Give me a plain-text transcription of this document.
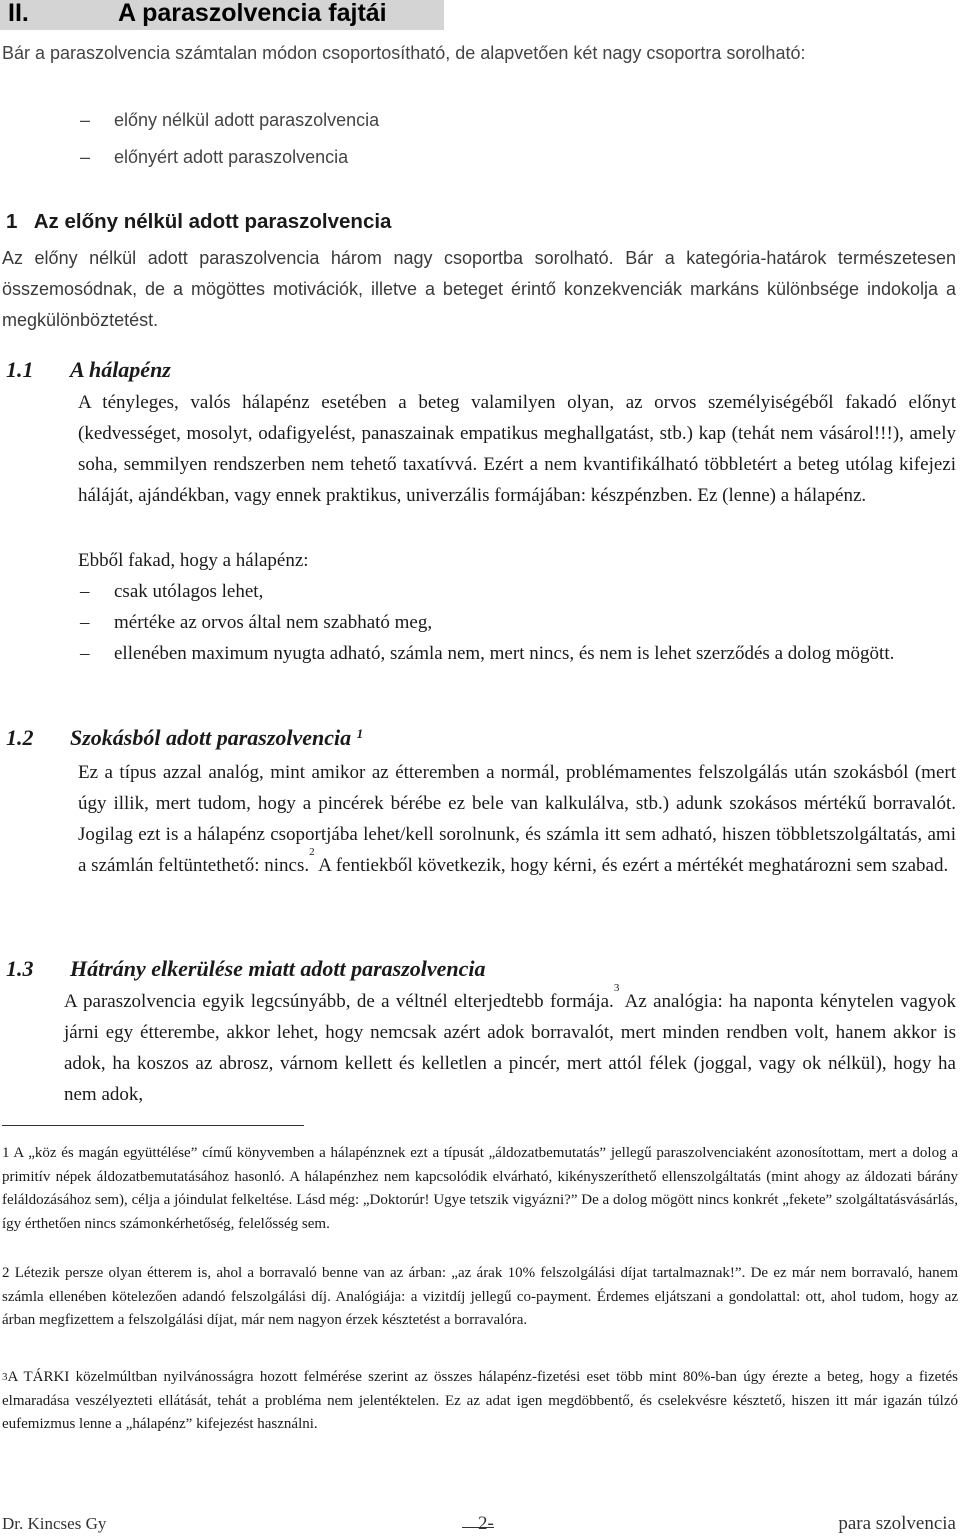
II.	A paraszolvencia fajtái
Bár a paraszolvencia számtalan módon csoportosítható, de alapvetően két nagy csoportra sorolható:
–	előny nélkül adott paraszolvencia
–	előnyért adott paraszolvencia
1   Az előny nélkül adott paraszolvencia
Az előny nélkül adott paraszolvencia három nagy csoportba sorolható. Bár a kategória-határok természetesen összemosódnak, de a mögöttes motivációk, illetve a beteget érintő konzekvenciák markáns különbsége indokolja a megkülönböztetést.
1.1 A hálapénz
A tényleges, valós hálapénz esetében a beteg valamilyen olyan, az orvos személyiségéből fakadó előnyt (kedvességet, mosolyt, odafigyelést, panaszainak empatikus meghallgatást, stb.) kap (tehát nem vásárol!!!), amely soha, semmilyen rendszerben nem tehető taxatívvá. Ezért a nem kvantifikálható többletért a beteg utólag kifejezi háláját, ajándékban, vagy ennek praktikus, univerzális formájában: készpénzben. Ez (lenne) a hálapénz.
Ebből fakad, hogy a hálapénz:
–	csak utólagos lehet,
–	mértéke az orvos által nem szabható meg,
–	ellenében maximum nyugta adható, számla nem, mert nincs, és nem is lehet szerződés a dolog mögött.
1.2 Szokásból adott paraszolvencia $^1$
Ez a típus azzal analóg, mint amikor az étteremben a normál, problémamentes felszolgálás után szokásból (mert úgy illik, mert tudom, hogy a pincérek bérébe ez bele van kalkulálva, stb.) adunk szokásos mértékű borravalót. Jogilag ezt is a hálapénz csoportjába lehet/kell sorolnunk, és számla itt sem adható, hiszen többletszolgáltatás, ami a számlán feltüntethető: nincs.$^2$ A fentiekből következik, hogy kérni, és ezért a mértékét meghatározni sem szabad.
1.3 Hátrány elkerülése miatt adott paraszolvencia
A paraszolvencia egyik legcsúnyább, de a véltnél elterjedtebb formája.$^3$ Az analógia: ha naponta kénytelen vagyok járni egy étterembe, akkor lehet, hogy nemcsak azért adok borravalót, mert minden rendben volt, hanem akkor is adok, ha koszos az abrosz, várnom kellett és kelletlen a pincér, mert attól félek (joggal, vagy ok nélkül), hogy ha nem adok,
1 A „köz és magán együttélése” című könyvemben a hálapénznek ezt a típusát „áldozatbemutatás” jellegű paraszolvenciaként azonosítottam, mert a dolog a primitív népek áldozatbemutatásához hasonló. A hálapénzhez nem kapcsolódik elvárható, kikényszeríthető ellenszolgáltatás (mint ahogy az áldozati bárány feláldozásához sem), célja a jóindulat felkeltése. Lásd még: „Doktorúr! Ugye tetszik vigyázni?” De a dolog mögött nincs konkrét „fekete” szolgáltatásvásárlás, így érthetően nincs számonkérhetőség, felelősség sem.
2 Létezik persze olyan étterem is, ahol a borravaló benne van az árban: „az árak 10% felszolgálási díjat tartalmaznak!”. De ez már nem borravaló, hanem számla ellenében kötelezően adandó felszolgálási díj. Analógiája: a vizitdíj jellegű co-payment. Érdemes eljátszani a gondolattal: ott, ahol tudom, hogy az árban megfizettem a felszolgálási díjat, már nem nagyon érzek késztetést a borravalóra.
$^3$A TÁRKI közelmúltban nyilvánosságra hozott felmérése szerint az összes hálapénz-fizetési eset több mint 80%-ban úgy érezte a beteg, hogy a fizetés elmaradása veszélyezteti ellátását, tehát a probléma nem jelentéktelen. Ez az adat igen megdöbbentő, és cselekvésre késztető, hiszen itt már igazán túlzó eufemizmus lenne a „hálapénz” kifejezést használni.
Dr. Kincses Gy	2-	para szolvencia
